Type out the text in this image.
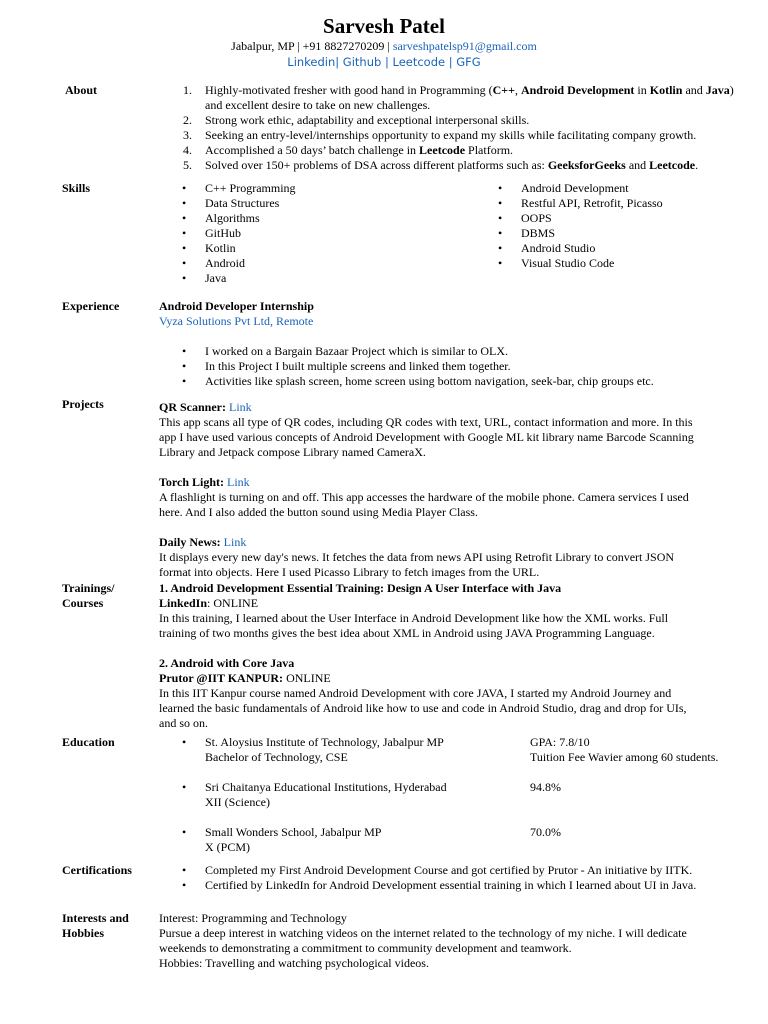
Sarvesh Patel
Jabalpur, MP | +91 8827270209 | sarveshpatelsp91@gmail.com
Linkedin| Github | Leetcode | GFG
About	1. Highly-motivated fresher with good hand in Programming (C++, Android Development in Kotlin and Java) and excellent desire to take on new challenges.
2. Strong work ethic, adaptability and exceptional interpersonal skills.
3. Seeking an entry-level/internships opportunity to expand my skills while facilitating company growth.
4. Accomplished a 50 days’ batch challenge in Leetcode Platform.
5. Solved over 150+ problems of DSA across different platforms such as: GeeksforGeeks and Leetcode.
Skills	• C++ Programming
• Data Structures
• Algorithms
• GitHub
• Kotlin
• Android
• Java
• Android Development
• Restful API, Retrofit, Picasso
• OOPS
• DBMS
• Android Studio
• Visual Studio Code
Experience	Android Developer Internship
Vyza Solutions Pvt Ltd, Remote
• I worked on a Bargain Bazaar Project which is similar to OLX.
• In this Project I built multiple screens and linked them together.
• Activities like splash screen, home screen using bottom navigation, seek-bar, chip groups etc.
Projects	QR Scanner: Link
This app scans all type of QR codes, including QR codes with text, URL, contact information and more. In this
app I have used various concepts of Android Development with Google ML kit library name Barcode Scanning
Library and Jetpack compose Library named CameraX.
Torch Light: Link
A flashlight is turning on and off. This app accesses the hardware of the mobile phone. Camera services I used
here. And I also added the button sound using Media Player Class.
Daily News: Link
It displays every new day's news. It fetches the data from news API using Retrofit Library to convert JSON
format into objects. Here I used Picasso Library to fetch images from the URL.
Trainings/
Courses
1. Android Development Essential Training: Design A User Interface with Java
LinkedIn: ONLINE
In this training, I learned about the User Interface in Android Development like how the XML works. Full
training of two months gives the best idea about XML in Android using JAVA Programming Language.
2. Android with Core Java
Prutor @IIT KANPUR: ONLINE
In this IIT Kanpur course named Android Development with core JAVA, I started my Android Journey and
learned the basic fundamentals of Android like how to use and code in Android Studio, drag and drop for UIs,
and so on.
Education	• St. Aloysius Institute of Technology, Jabalpur MP	GPA: 7.8/10
Bachelor of Technology, CSE	Tuition Fee Wavier among 60 students.
• Sri Chaitanya Educational Institutions, Hyderabad	94.8%
XII (Science)
• Small Wonders School, Jabalpur MP	70.0%
X (PCM)
Certifications	• Completed my First Android Development Course and got certified by Prutor - An initiative by IITK.
• Certified by LinkedIn for Android Development essential training in which I learned about UI in Java.
Interests and
Hobbies
Interest: Programming and Technology
Pursue a deep interest in watching videos on the internet related to the technology of my niche. I will dedicate
weekends to demonstrating a commitment to community development and teamwork.
Hobbies: Travelling and watching psychological videos.
